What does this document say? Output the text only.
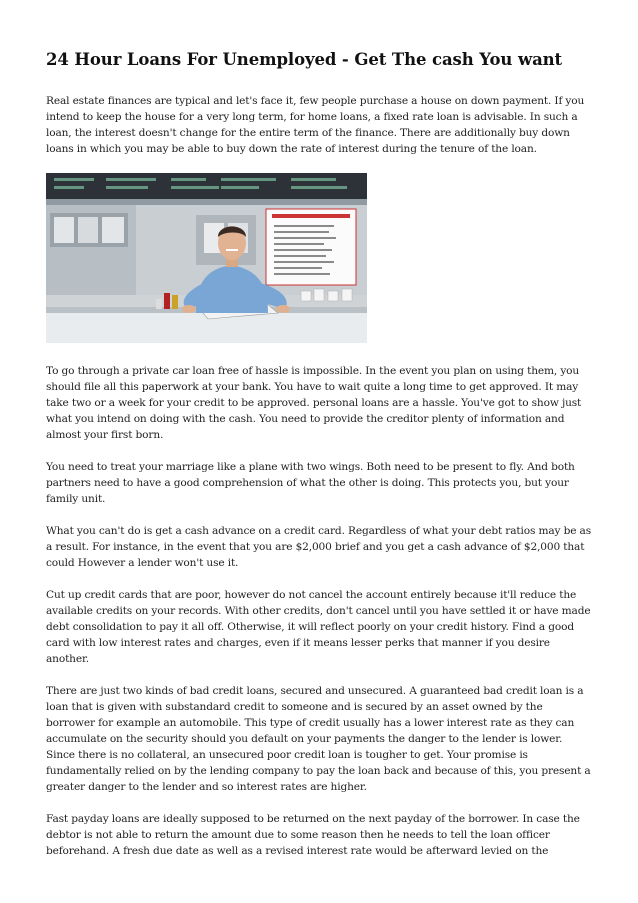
24 Hour Loans For Unemployed - Get The cash You want

Real estate finances are typical and let's face it, few people purchase a house on down payment. If you intend to keep the house for a very long term, for home loans, a fixed rate loan is advisable. In such a loan, the interest doesn't change for the entire term of the finance. There are additionally buy down loans in which you may be able to buy down the rate of interest during the tenure of the loan.

To go through a private car loan free of hassle is impossible. In the event you plan on using them, you should file all this paperwork at your bank. You have to wait quite a long time to get approved. It may take two or a week for your credit to be approved. personal loans are a hassle. You've got to show just what you intend on doing with the cash. You need to provide the creditor plenty of information and almost your first born.

You need to treat your marriage like a plane with two wings. Both need to be present to fly. And both partners need to have a good comprehension of what the other is doing. This protects you, but your family unit.

What you can't do is get a cash advance on a credit card. Regardless of what your debt ratios may be as a result. For instance, in the event that you are $2,000 brief and you get a cash advance of $2,000 that could However a lender won't use it.

Cut up credit cards that are poor, however do not cancel the account entirely because it'll reduce the available credits on your records. With other credits, don't cancel until you have settled it or have made debt consolidation to pay it all off. Otherwise, it will reflect poorly on your credit history. Find a good card with low interest rates and charges, even if it means lesser perks that manner if you desire another.

There are just two kinds of bad credit loans, secured and unsecured. A guaranteed bad credit loan is a loan that is given with substandard credit to someone and is secured by an asset owned by the borrower for example an automobile. This type of credit usually has a lower interest rate as they can accumulate on the security should you default on your payments the danger to the lender is lower. Since there is no collateral, an unsecured poor credit loan is tougher to get. Your promise is fundamentally relied on by the lending company to pay the loan back and because of this, you present a greater danger to the lender and so interest rates are higher.

Fast payday loans are ideally supposed to be returned on the next payday of the borrower. In case the debtor is not able to return the amount due to some reason then he needs to tell the loan officer beforehand. A fresh due date as well as a revised interest rate would be afterward levied on the
